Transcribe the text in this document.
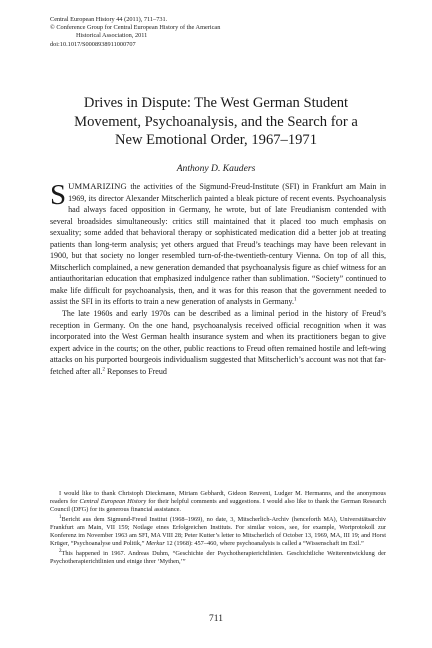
Central European History 44 (2011), 711–731.
© Conference Group for Central European History of the American
Historical Association, 2011
doi:10.1017/S0008938911000707
Drives in Dispute: The West German Student
Movement, Psychoanalysis, and the Search for a
New Emotional Order, 1967–1971
Anthony D. Kauders

SUMMARIZING the activities of the Sigmund-Freud-Institute (SFI) in Frankfurt am Main in 1969, its director Alexander Mitscherlich painted a bleak picture of recent events. Psychoanalysis had always faced opposition in Germany, he wrote, but of late Freudianism contended with several broadsides simultaneously: critics still maintained that it placed too much emphasis on sexuality; some added that behavioral therapy or sophisticated medication did a better job at treating patients than long-term analysis; yet others argued that Freud’s teachings may have been relevant in 1900, but that society no longer resembled turn-of-the-twentieth-century Vienna. On top of all this, Mitscherlich complained, a new generation demanded that psychoanalysis figure as chief witness for an antiauthoritarian education that emphasized indulgence rather than sublimation. “Society” continued to make life difficult for psychoanalysis, then, and it was for this reason that the government needed to assist the SFI in its efforts to train a new generation of analysts in Germany.$^1$

The late 1960s and early 1970s can be described as a liminal period in the history of Freud’s reception in Germany. On the one hand, psychoanalysis received official recognition when it was incorporated into the West German health insurance system and when its practitioners began to give expert advice in the courts; on the other, public reactions to Freud often remained hostile and left-wing attacks on his purported bourgeois individualism suggested that Mitscherlich’s account was not that far-fetched after all.$^2$ Reponses to Freud

I would like to thank Christoph Dieckmann, Miriam Gebhardt, Gideon Reuveni, Ludger M. Hermanns, and the anonymous readers for Central European History for their helpful comments and suggestions. I would also like to thank the German Research Council (DFG) for its generous financial assistance.

$^1$Bericht aus dem Sigmund-Freud Institut (1968–1969), no date, 3, Mitscherlich-Archiv (henceforth MA), Universitätsarchiv Frankfurt am Main, VII 159; Notlage eines Erfolgreichen Instituts. For similar voices, see, for example, Wortprotokoll zur Konferenz im November 1963 am SFI, MA VIII 28; Peter Kutter’s letter to Mitscherlich of October 13, 1969, MA, III 19; and Horst Krüger, “Psychoanalyse und Politik,” Merkur 12 (1968): 457–460, where psychoanalysis is called a “Wissenschaft im Exil.”

$^2$This happened in 1967. Andreas Duhm, “Geschichte der Psychotherapierichtlinien. Geschichtliche Weiterentwicklung der Psychotherapierichtlinien und einige ihrer ‘Mythen,’”

711
